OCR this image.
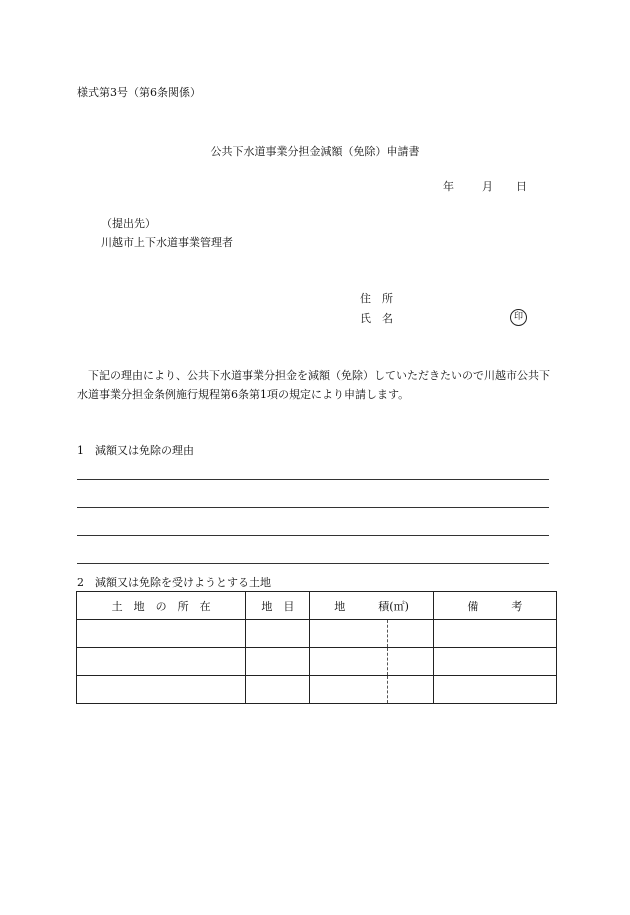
様式第3号（第6条関係）
公共下水道事業分担金減額（免除）申請書
年	月 日
（提出先）
川越市上下水道事業管理者
住　所
氏　名	印
下記の理由により、公共下水道事業分担金を減額（免除）していただきたいので川越市公共下水道事業分担金条例施行規程第6条第1項の規定により申請します。
1　減額又は免除の理由
2　減額又は免除を受けようとする土地
土　地　の　所　在	地　目	地　　　積(㎡)		備　　　考
